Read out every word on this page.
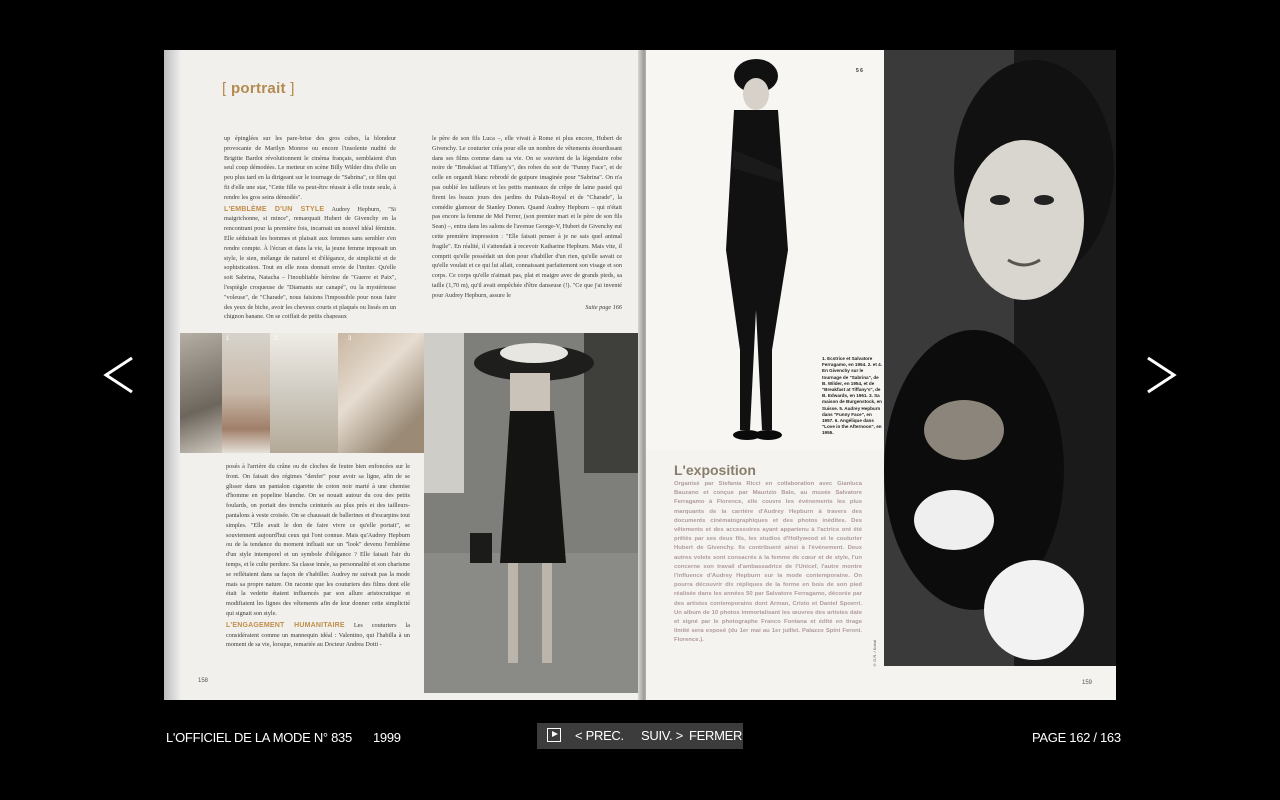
[ portrait ]

up épinglées sur les pare-brise des gros cubes, la blondeur provocante de Marilyn Monroe ou encore l'insolente nudité de Brigitte Bardot révolutionnent le cinéma français, semblaient d'un seul coup démodées. Le metteur en scène Billy Wilder dira d'elle un peu plus tard en la dirigeant sur le tournage de "Sabrina", ce film qui fit d'elle une star, "Cette fille va peut-être réussir à elle toute seule, à rendre les gros seins démodés".

L'EMBLÈME D'UN STYLE Audrey Hepburn, "Si maigrichonne, si mince", remarquait Hubert de Givenchy en la rencontrant pour la première fois, incarnait un nouvel idéal féminin. Elle séduisait les hommes et plaisait aux femmes sans sembler s'en rendre compte. À l'écran et dans la vie, la jeune femme imposait un style, le sien, mélange de naturel et d'élégance, de simplicité et de sophistication. Tout en elle nous donnait envie de l'imiter. Qu'elle soit Sabrina, Natacha – l'inoubliable héroïne de "Guerre et Paix", l'espiègle croqueuse de "Diamants sur canapé", ou la mystérieuse "voleuse", de "Charade", nous faisions l'impossible pour nous faire des yeux de biche, avoir les cheveux courts et plaqués ou lissés en un chignon banane. On se coiffait de petits chapeaux

le père de son fils Luca –, elle vivait à Rome et plus encore, Hubert de Givenchy. Le couturier créa pour elle un nombre de vêtements étourdissant dans ses films comme dans sa vie. On se souvient de la légendaire robe noire de "Breakfast at Tiffany's", des robes du soir de "Funny Face", et de celle en organdi blanc rebrodé de guipure imaginée pour "Sabrina". On n'a pas oublié les tailleurs et les petits manteaux de crêpe de laine pastel qui firent les beaux jours des jardins du Palais-Royal et de "Charade", la comédie glamour de Stanley Donen. Quand Audrey Hepburn – qui n'était pas encore la femme de Mel Ferrer, (son premier mari et le père de son fils Sean) –, entra dans les salons de l'avenue George-V, Hubert de Givenchy eut cette première impression : "Elle faisait penser à je ne sais quel animal fragile". En réalité, il s'attendait à recevoir Katharine Hepburn. Mais vite, il comprit qu'elle possédait un don pour s'habiller d'un rien, qu'elle savait ce qu'elle voulait et ce qui lui allait, connaissant parfaitement son visage et son corps. Ce corps qu'elle n'aimait pas, plat et maigre avec de grands pieds, sa taille (1,70 m), qu'il avait empêchée d'être danseuse (!). "Ce que j'ai inventé pour Audrey Hepburn, assure le

Suite page 166

1	2	3

posés à l'arrière du crâne ou de cloches de feutre bien enfoncées sur le front. On faisait des régimes "denfer" pour avoir sa ligne, afin de se glisser dans un pantalon cigarette de coton noir marié à une chemise d'homme en popeline blanche. On se nouait autour du cou des petits foulards, on portait des trenchs ceinturés au plus près et des tailleurs-pantalons à veste croisée. On se chaussait de ballerines et d'escarpins tout simples. "Elle avait le don de faire vivre ce qu'elle portait", se souviennent aujourd'hui ceux qui l'ont connue. Mais qu'Audrey Hepburn ou de la tendance du moment influait sur un "look" devenu l'emblème d'un style intemporel et un symbole d'élégance ? Elle faisait l'air du temps, et le culte perdure. Sa classe innée, sa personnalité et son charisme se reflétaient dans sa façon de s'habiller. Audrey ne suivait pas la mode mais sa propre nature. On raconte que les couturiers des films dont elle était la vedette étaient influencés par son allure aristocratique et modifiaient les lignes des vêtements afin de leur donner cette simplicité qui signait son style.

L'ENGAGEMENT HUMANITAIRE Les couturiers la considéraient comme un mannequin idéal : Valentino, qui l'habilla à un moment de sa vie, lorsque, remariée au Docteur Andrea Dotti -

158
5 6
1. Ecstrice et Salvatore Ferragamo, en 1954. 2. et 4. En Givenchy sur le tournage de "Sabrina", de B. Wilder, en 1954, et de "Breakfast at Tiffany's", de B. Edwards, en 1961. 3. Sa maison de Burgenstock, en Suisse. 5. Audrey Hepburn dans "Funny Face", en 1957. 6. Angélique dans "Love in the Afternoon", en 1955.
L'exposition
Organisé par Stefania Ricci en collaboration avec Gianluca Bauzano et conçue par Maurizio Balo, au musée Salvatore Ferragamo à Florence, elle couvre les événements les plus marquants de la carrière d'Audrey Hepburn à travers des documents cinématographiques et des photos inédites. Des vêtements et des accessoires ayant appartenu à l'actrice ont été prêtés par ses deux fils, les studios d'Hollywood et le couturier Hubert de Givenchy. Ils contribuent ainsi à l'événement. Deux autres volets sont consacrés à la femme de cœur et de style, l'un concerne son travail d'ambassadrice de l'Unicef, l'autre montre l'influence d'Audrey Hepburn sur la mode contemporaine. On pourra découvrir dix répliques de la forme en bois de son pied réalisée dans les années 50 par Salvatore Ferragamo, décorée par des artistes contemporains dont Arman, Cristo et Daniel Spoerri. Un album de 10 photos immortalisant les œuvres des artistes date et signé par le photographe Franco Fontana et édité en tirage limité sera exposé (du 1er mai au 1er juillet. Palazzo Spini Feroni. Florence.).	© D.R. / Kobal
159
L'OFFICIEL DE LA MODE N° 835 1999	< PREC. SUIV. > FERMER	PAGE 162 / 163
